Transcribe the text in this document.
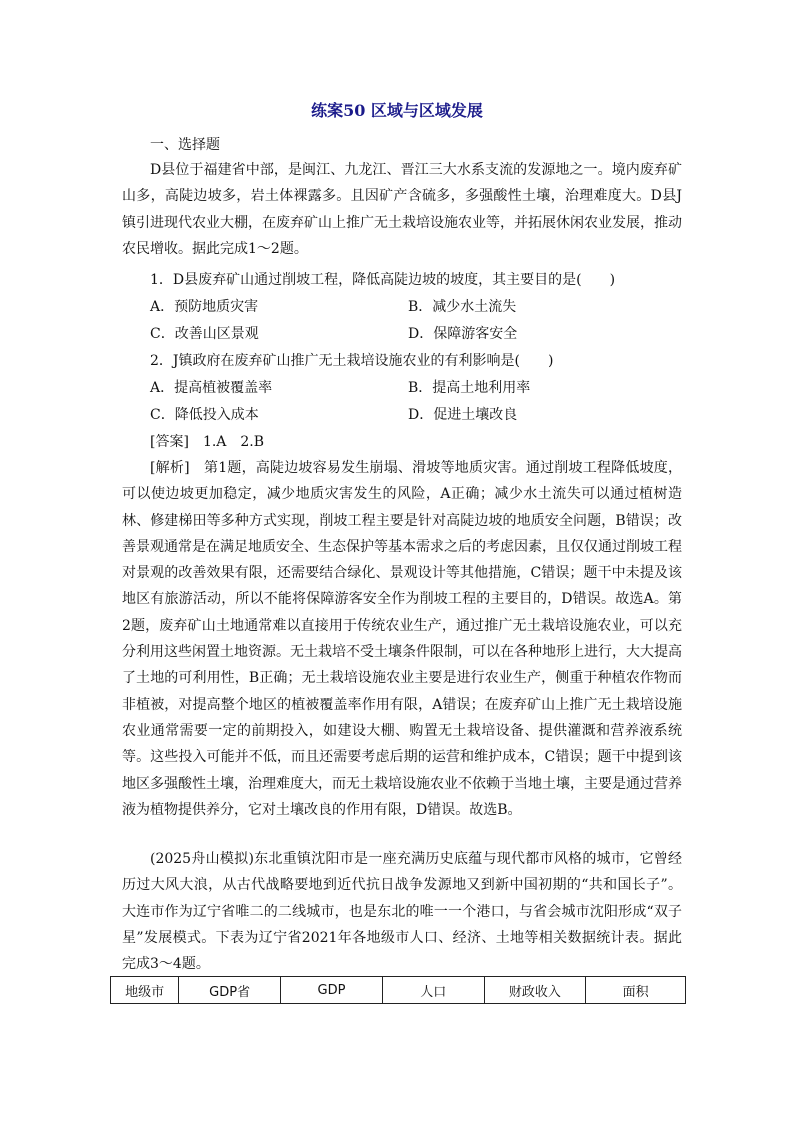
练案50 区域与区域发展
一、选择题
D县位于福建省中部，是闽江、九龙江、晋江三大水系支流的发源地之一。境内废弃矿山多，高陡边坡多，岩土体裸露多。且因矿产含硫多，多强酸性土壤，治理难度大。D县J镇引进现代农业大棚，在废弃矿山上推广无土栽培设施农业等，并拓展休闲农业发展，推动农民增收。据此完成1～2题。
1．D县废弃矿山通过削坡工程，降低高陡边坡的坡度，其主要目的是(　　)
A．预防地质灾害	B．减少水土流失
C．改善山区景观	D．保障游客安全
2．J镇政府在废弃矿山推广无土栽培设施农业的有利影响是(　　)
A．提高植被覆盖率	B．提高土地利用率
C．降低投入成本	D．促进土壤改良
[答案]　 1.A　2.B
[解析]　 第1题，高陡边坡容易发生崩塌、滑坡等地质灾害。通过削坡工程降低坡度，可以使边坡更加稳定，减少地质灾害发生的风险，A正确；减少水土流失可以通过植树造林、修建梯田等多种方式实现，削坡工程主要是针对高陡边坡的地质安全问题，B错误；改善景观通常是在满足地质安全、生态保护等基本需求之后的考虑因素，且仅仅通过削坡工程对景观的改善效果有限，还需要结合绿化、景观设计等其他措施，C错误；题干中未提及该地区有旅游活动，所以不能将保障游客安全作为削坡工程的主要目的，D错误。故选A。第2题，废弃矿山土地通常难以直接用于传统农业生产，通过推广无土栽培设施农业，可以充分利用这些闲置土地资源。无土栽培不受土壤条件限制，可以在各种地形上进行，大大提高了土地的可利用性，B正确；无土栽培设施农业主要是进行农业生产，侧重于种植农作物而非植被，对提高整个地区的植被覆盖率作用有限，A错误；在废弃矿山上推广无土栽培设施农业通常需要一定的前期投入，如建设大棚、购置无土栽培设备、提供灌溉和营养液系统等。这些投入可能并不低，而且还需要考虑后期的运营和维护成本，C错误；题干中提到该地区多强酸性土壤，治理难度大，而无土栽培设施农业不依赖于当地土壤，主要是通过营养液为植物提供养分，它对土壤改良的作用有限，D错误。故选B。
(2025舟山模拟)东北重镇沈阳市是一座充满历史底蕴与现代都市风格的城市，它曾经历过大风大浪，从古代战略要地到近代抗日战争发源地又到新中国初期的“共和国长子”。大连市作为辽宁省唯二的二线城市，也是东北的唯一一个港口，与省会城市沈阳形成“双子星”发展模式。下表为辽宁省2021年各地级市人口、经济、土地等相关数据统计表。据此完成3～4题。
地级市	GDP省	GDP	人口	财政收入	面积
